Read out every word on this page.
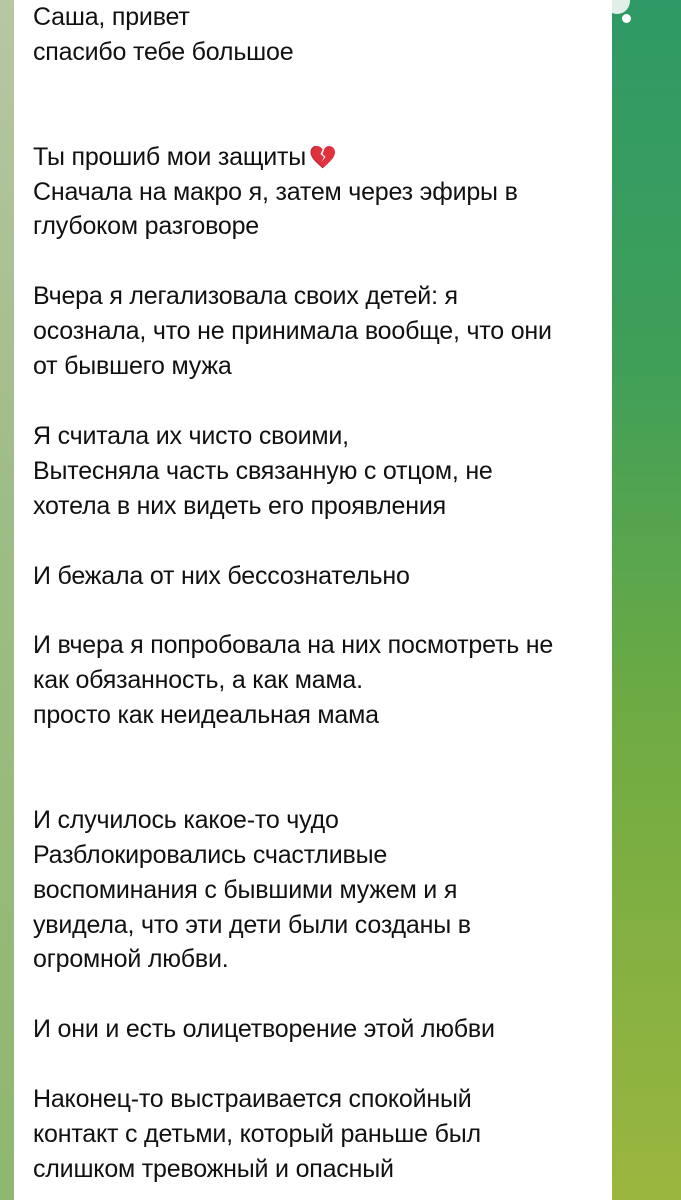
Саша, привет
спасибо тебе большое

Ты прошиб мои защиты
Сначала на макро я, затем через эфиры в
глубоком разговоре

Вчера я легализовала своих детей: я
осознала, что не принимала вообще, что они
от бывшего мужа

Я считала их чисто своими,
Вытесняла часть связанную с отцом, не
хотела в них видеть его проявления

И бежала от них бессознательно

И вчера я попробовала на них посмотреть не
как обязанность, а как мама.
просто как неидеальная мама

И случилось какое-то чудо
Разблокировались счастливые
воспоминания с бывшими мужем и я
увидела, что эти дети были созданы в
огромной любви.

И они и есть олицетворение этой любви

Наконец-то выстраивается спокойный
контакт с детьми, который раньше был
слишком тревожный и опасный
